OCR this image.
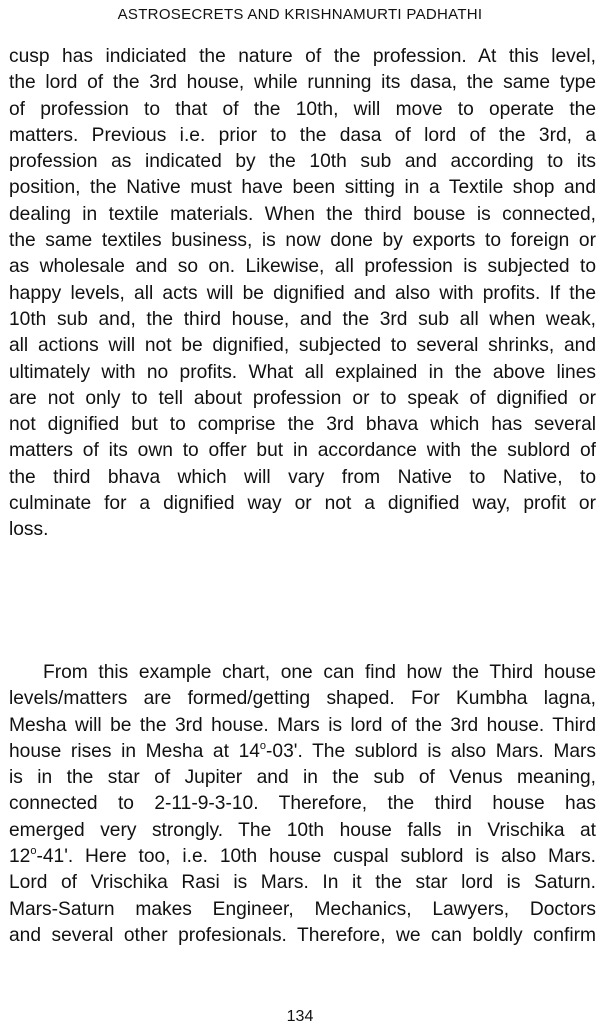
ASTROSECRETS AND KRISHNAMURTI PADHATHI
cusp has indiciated the nature of the profession. At this level,
the lord of the 3rd house, while running its dasa, the same type
of profession to that of the 10th, will move to operate the
matters. Previous i.e. prior to the dasa of lord of the 3rd, a
profession as indicated by the 10th sub and according to its
position, the Native must have been sitting in a Textile shop and
dealing in textile materials. When the third bouse is connected,
the same textiles business, is now done by exports to foreign or
as wholesale and so on. Likewise, all profession is subjected to
happy levels, all acts will be dignified and also with profits. If the
10th sub and, the third house, and the 3rd sub all when weak,
all actions will not be dignified, subjected to several shrinks, and
ultimately with no profits. What all explained in the above lines
are not only to tell about profession or to speak of dignified or
not dignified but to comprise the 3rd bhava which has several
matters of its own to offer but in accordance with the sublord of
the third bhava which will vary from Native to Native, to
culminate for a dignified way or not a dignified way, profit or
loss.
From this example chart, one can find how the Third house
levels/matters are formed/getting shaped. For Kumbha lagna,
Mesha will be the 3rd house. Mars is lord of the 3rd house. Third
house rises in Mesha at 14$^o$-03'. The sublord is also Mars. Mars
is in the star of Jupiter and in the sub of Venus meaning,
connected to 2-11-9-3-10. Therefore, the third house has
emerged very strongly. The 10th house falls in Vrischika at
12$^o$-41'. Here too, i.e. 10th house cuspal sublord is also Mars.
Lord of Vrischika Rasi is Mars. In it the star lord is Saturn.
Mars-Saturn makes Engineer, Mechanics, Lawyers, Doctors
and several other profesionals. Therefore, we can boldly confirm
134
